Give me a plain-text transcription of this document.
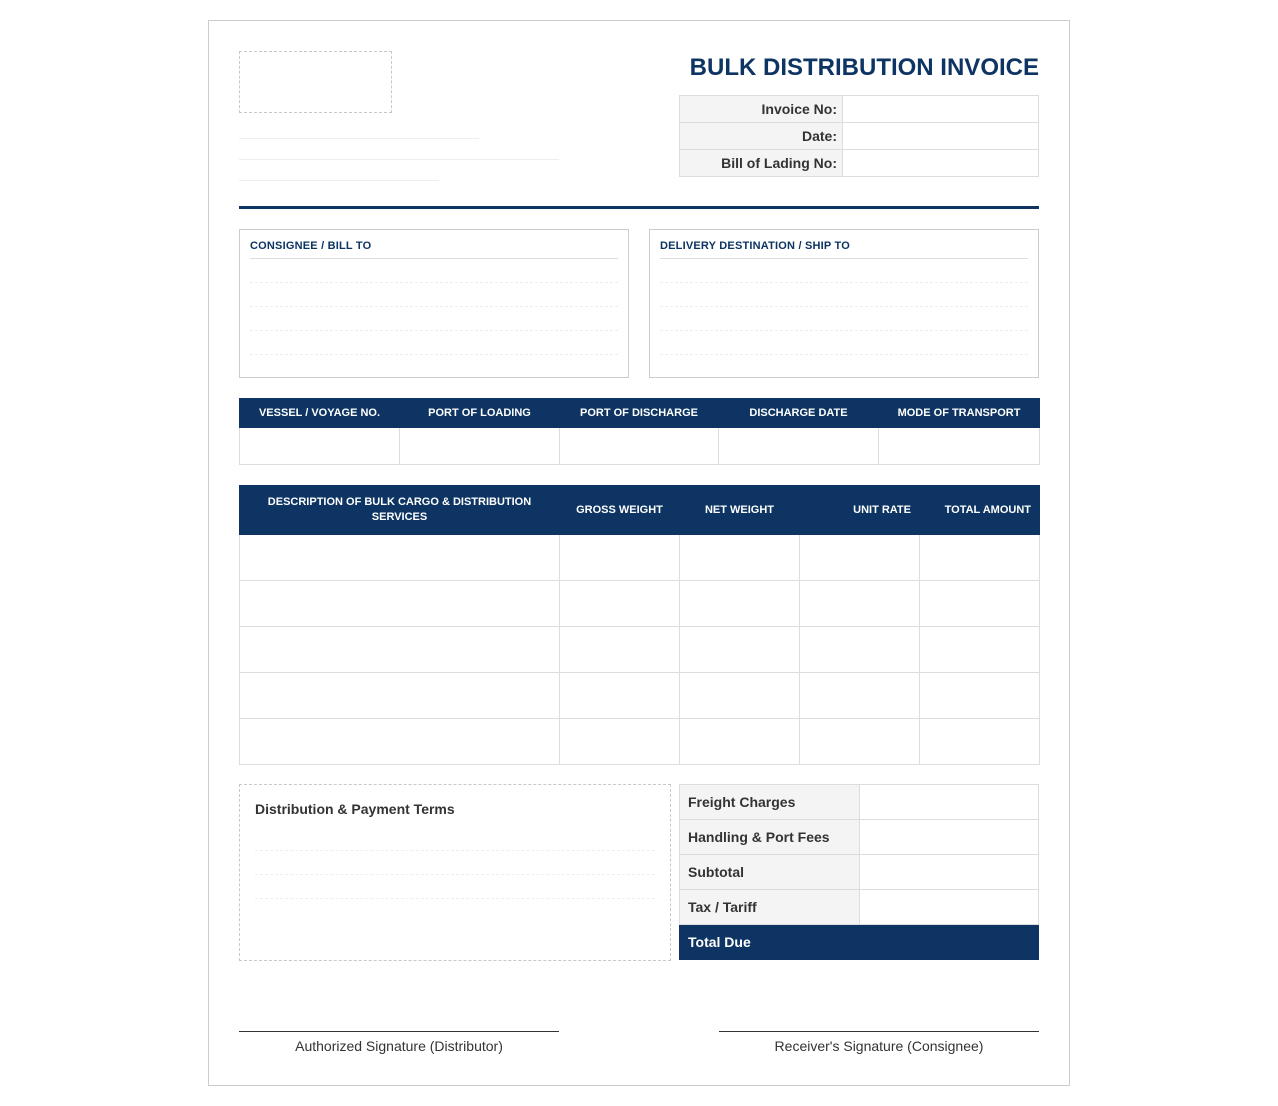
BULK DISTRIBUTION INVOICE
Invoice No:	
Date:	
Bill of Lading No:	
CONSIGNEE / BILL TO	DELIVERY DESTINATION / SHIP TO
VESSEL / VOYAGE NO.	PORT OF LOADING	PORT OF DISCHARGE	DISCHARGE DATE	MODE OF TRANSPORT

DESCRIPTION OF BULK CARGO & DISTRIBUTION SERVICES	GROSS WEIGHT	NET WEIGHT	UNIT RATE	TOTAL AMOUNT

Distribution & Payment Terms	Freight Charges	
Handling & Port Fees	
Subtotal	
Tax / Tariff	
Total Due	
Authorized Signature (Distributor)	Receiver's Signature (Consignee)
